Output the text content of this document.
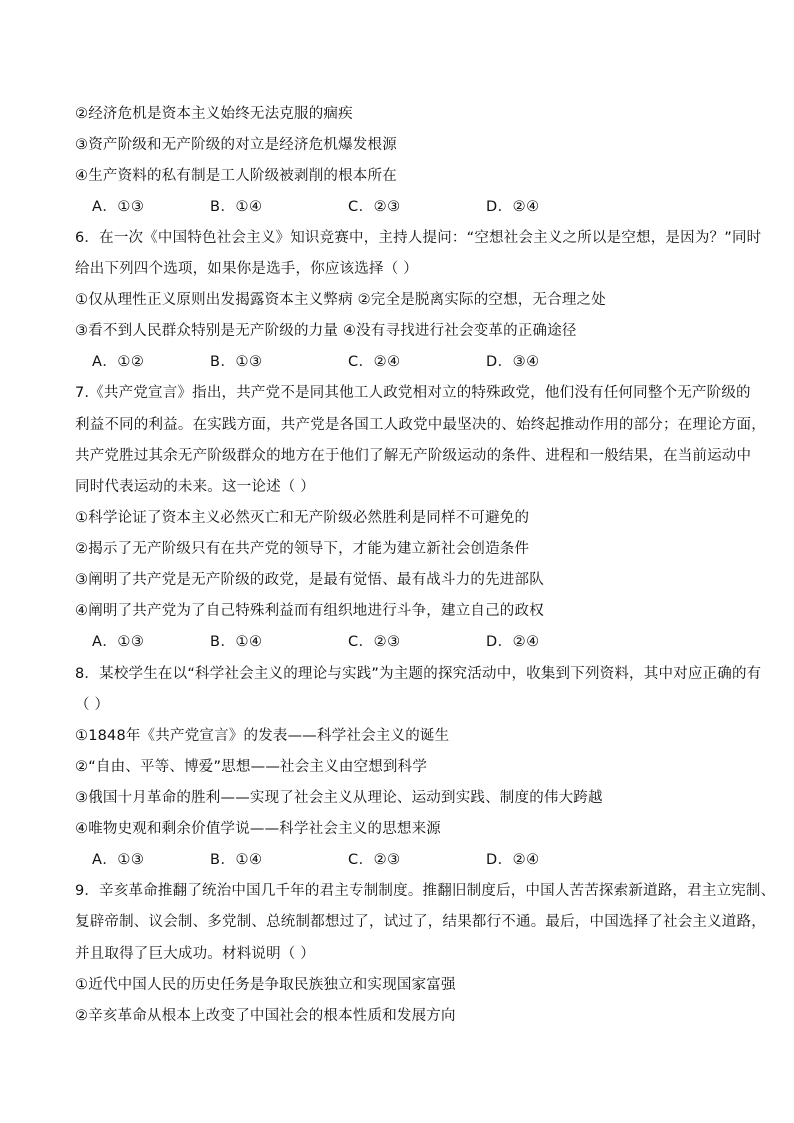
②经济危机是资本主义始终无法克服的痼疾
③资产阶级和无产阶级的对立是经济危机爆发根源
④生产资料的私有制是工人阶级被剥削的根本所在
A．①③	B．①④	C．②③	D．②④
6．在一次《中国特色社会主义》知识竞赛中，主持人提问：“空想社会主义之所以是空想，是因为？”同时
给出下列四个选项，如果你是选手，你应该选择（ ）
①仅从理性正义原则出发揭露资本主义弊病 ②完全是脱离实际的空想，无合理之处
③看不到人民群众特别是无产阶级的力量 ④没有寻找进行社会变革的正确途径
A．①②	B．①③	C．②④	D．③④
7.《共产党宣言》指出，共产党不是同其他工人政党相对立的特殊政党，他们没有任何同整个无产阶级的
利益不同的利益。在实践方面，共产党是各国工人政党中最坚决的、始终起推动作用的部分；在理论方面，
共产党胜过其余无产阶级群众的地方在于他们了解无产阶级运动的条件、进程和一般结果，在当前运动中
同时代表运动的未来。这一论述（ ）
①科学论证了资本主义必然灭亡和无产阶级必然胜利是同样不可避免的
②揭示了无产阶级只有在共产党的领导下，才能为建立新社会创造条件
③阐明了共产党是无产阶级的政党，是最有觉悟、最有战斗力的先进部队
④阐明了共产党为了自己特殊利益而有组织地进行斗争，建立自己的政权
A．①③	B．①④	C．②③	D．②④
8．某校学生在以“科学社会主义的理论与实践”为主题的探究活动中，收集到下列资料，其中对应正确的有
（ ）
①1848年《共产党宣言》的发表——科学社会主义的诞生
②“自由、平等、博爱”思想——社会主义由空想到科学
③俄国十月革命的胜利——实现了社会主义从理论、运动到实践、制度的伟大跨越
④唯物史观和剩余价值学说——科学社会主义的思想来源
A．①③	B．①④	C．②③	D．②④
9．辛亥革命推翻了统治中国几千年的君主专制制度。推翻旧制度后，中国人苦苦探索新道路，君主立宪制、
复辟帝制、议会制、多党制、总统制都想过了，试过了，结果都行不通。最后，中国选择了社会主义道路，
并且取得了巨大成功。材料说明（ ）
①近代中国人民的历史任务是争取民族独立和实现国家富强
②辛亥革命从根本上改变了中国社会的根本性质和发展方向
